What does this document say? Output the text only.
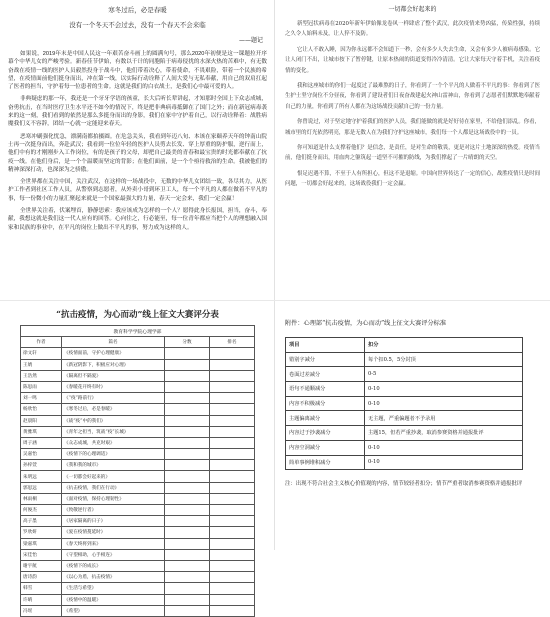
寒冬过后，必是春暖
没有一个冬天不会过去，没有一个春天不会来临
——题记

如果说，2019年末是中国人民这一年艰苦奋斗画上的圆满句号，那么2020年初便是这一课题拉开序幕个中华儿女的严峻考验。新春佳节伊始，有数以千计的同胞陷于病毒侵扰的水深火热的苦难中，有无数奋战在疫情一线的医护人员毅然投身于战斗中，他们带着决心，带着使命，不畏艰险，带着一个民族的希望，在疫情面前他们挺身而出，冲在第一线，以实际行动诠释了人间大爱与无私奉献，用自己的双肩扛起了医者的担当，守护着每一位患者的生命。这就是我们的白衣战士，是我们心中最可爱的人。

非典疑虑的那一年，我还是一个牙牙学语的孩童，长大后听长辈讲起，才知那时全国上下众志成城，奋勇抗击，在当时医疗卫生水平还不如今的情况下，终是把非典病毒抵御在了国门之外；而在新冠病毒袭来的这一刻，我们看到的依然是那么多挺身而出的身影，我们在家中守护着自己，以行动诠释着：战胜病魔我们义不容辞，团结一心就一定能迎来春天。

恶寒冲刷强化忧急，漂满南都拍摄圆。在危急关头，我看到年迈八旬、本该在家颐养天年的钟南山院士再一次挺身而出，奔赴武汉；我看到一位位年轻的医护人员剪去长发、穿上厚重的防护服，逆行而上，他们中有的才刚刚步入工作岗位，有的是孩子的父母，却把自己最美的青春和最宝贵的时光都奉献在了抗疫一线。在他们身后，是一个个温暖而坚定的背影；在他们面前，是一个个亟待救治的生命。我被他们的精神深深打动，也深深为之骄傲。

全世界都在关注中国，关注武汉，在这样的一场战役中，无数的中华儿女团结一致，各尽其力，从医护工作者到社区工作人员，从警察到志愿者，从外卖小哥到环卫工人，每一个平凡的人都在做着不平凡的事，每一份微小的力量汇聚起来就是一个国家最强大的力量，春天一定会来，我们一定会赢！

全世界关注着，伏案埋首，静静思索：我应该成为怎样的一个人？愿得此身长报国，担当，奋斗，奉献，我想这就是我们这一代人应有的回答。心向往之，行必能至，每一位青年都应当把个人的理想融入国家和民族的事业中，在平凡的岗位上做出不平凡的事，努力成为这样的人。

一切都会好起来的

新型冠状病毒在2020年新年伊始像龙卷风一样肆虐了整个武汉，此次疫情来势凶猛，传染性强，持续之久令人始料未及，让人猝不及防。

它让人不敢入睡，因为你永远都不会知道下一秒，会有多少人失去生命，又会有多少人被病毒感染。它让人闭门不出，让城市按下了暂停键，让原本热闹的街道变得冷冷清清。它让大家每天守着手机，关注着疫情的变化。

我和这座城市的你们一起度过了最难熬的日子，你看到了一个个平凡的人做着不平凡的事：你看到了医生护士坚守岗位不分昼夜，你看到了建设者们日夜奋战建起火神山雷神山，你看到了志愿者们默默地奉献着自己的力量，你看到了所有人都在为这场战役贡献自己的一份力量。

你曾说过，对于坚定地守护着我们的医护人员，我们能做的就是好好待在家里，不给他们添乱。你看，城市里的灯光依然明亮，那是无数人在为我们守护这座城市，我们每一个人都是这场战役中的一员。

你可知道是什么支撑着他们？是信念，是责任，是对生命的敬畏，更是对这片土地深深的热爱。疫情当前，他们挺身而出，用血肉之躯筑起一道坚不可摧的防线，为我们撑起了一片晴朗的天空。

恨足迟遇不算，不至于人有所担心，但这不是退缩。中国向世界传达了一定的信心，战胜疫情只是时间问题，一切都会好起来的，这场战役我们一定会赢。

“抗击疫情，为心而动”线上征文大赛评分表
教育科学学院心理学部			
作者	篇名	分数	排名
徐文轩	《疫情面前，守护心理健康》		
王婧	《新冠阴影下，积极应对心理》		
王浩然	《隔离但不隔爱》		
陈思雨	《春暖花开终有时》		
刘一鸣	《“疫”路前行》		
杨欣怡	《寒冬过后，必是春暖》		
赵晨阳	《战“疫”中的我们》		
黄雅琪	《青年之担当，筑战“疫”长城》		
周子涵	《众志成城，共克时艰》		
吴嘉怡	《疫情下的心理调适》		
孙梓萱	《我和我的城市》		
朱明远	《一切都会好起来的》		
郭思远	《抗击疫情，我们在行动》		
林雨桐	《面对疫情，保持心理韧性》		
何俊杰	《致敬逆行者》		
高子墨	《居家隔离的日子》		
罗欣妍	《爱在疫情蔓延时》		
梁嘉琪	《春天终将到来》		
宋佳怡	《守望相助，心手相连》		
谢宇航	《疫情下的成长》		
唐诗韵	《以心为盾，抗击疫情》		
韩雪	《生活与希望》		
许晴	《疫情中的温暖》		
冯瑶	《希望》		
附件：心理部“抗击疫情，为心而动”线上征文大赛评分标准
项目	扣分
错别字减分	每个扣0.5，5分封顶
卷面过差减分	0-5
语句不通顺减分	0-10
内容不积极减分	0-10
主题偏离减分	无主题，严重偏题者不予录用
内容过于抄袭减分	主题15，但若严重抄袭，取消参赛资格并通报批评
内容空洞减分	0-10
简单事例堆积减分	0-10
注：出现不符合社会主义核心价值观的内容，情节较轻者扣分；情节严重者取消参赛资格并通报批评
